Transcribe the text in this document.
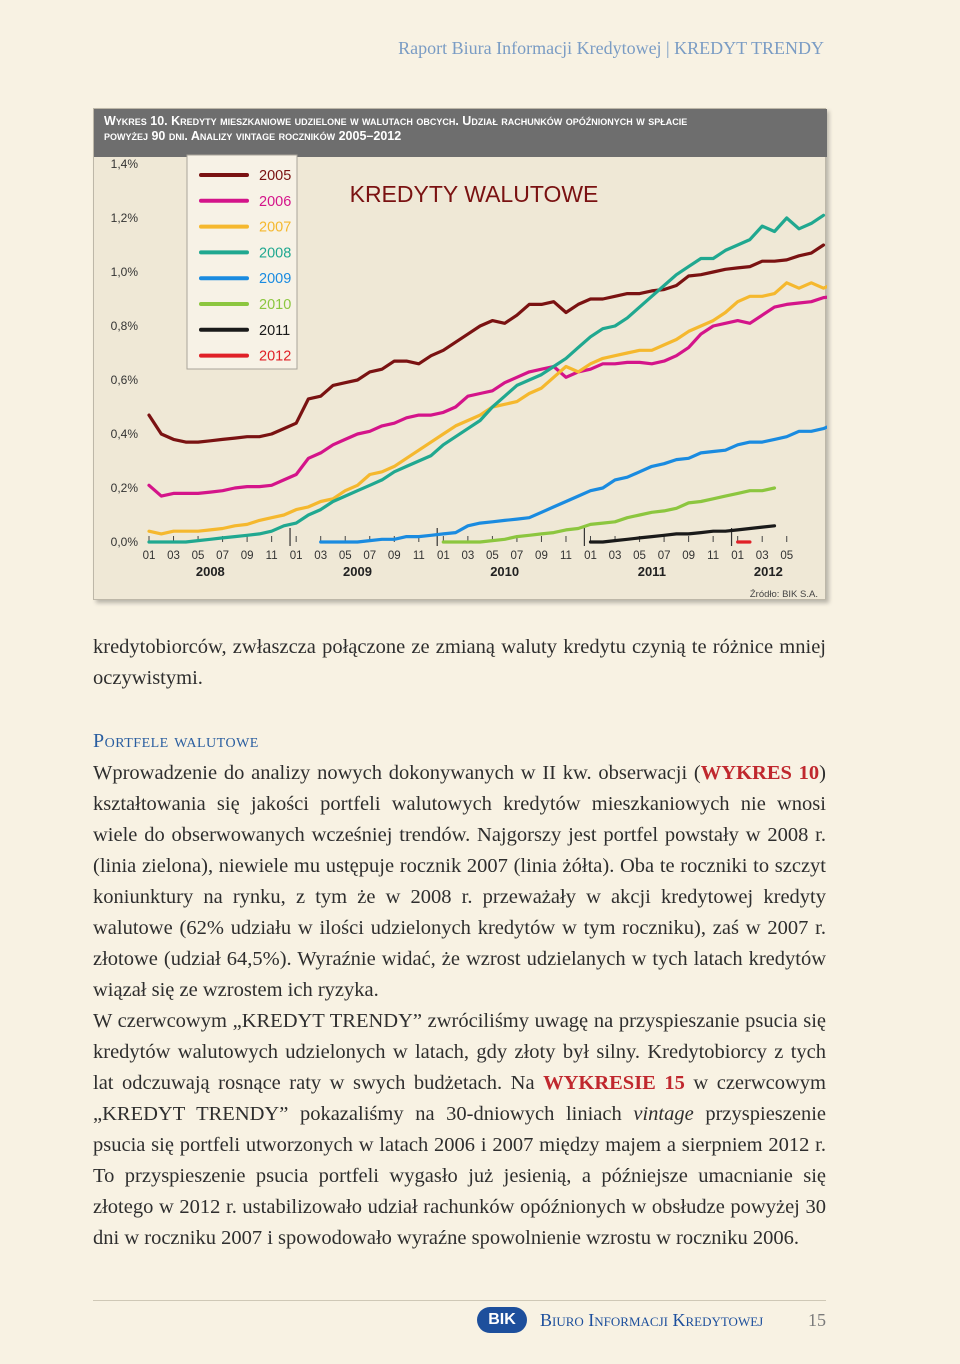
Raport Biura Informacji Kredytowej | KREDYT TRENDY
Wykres 10. Kredyty mieszkaniowe udzielone w walutach obcych. Udział rachunków opóźnionych w spłacie
powyżej 90 dni. Analizy vintage roczników 2005–2012
0,0%
0,2%
0,4%
0,6%
0,8%
1,0%
1,2%
1,4%
01 03 05 07 09 11 01 03 05 07 09 11 01 03 05 07 09 11 01 03 05 07 09 11 01 03 05
2008	2009	2010	2011	2012
2005
2006
2007
2008
2009
2010
2011
2012
KREDYTY WALUTOWE
Źródło: BIK S.A.

kredytobiorców, zwłaszcza połączone ze zmianą waluty kredytu czynią te różnice mniej oczywistymi.

Portfele walutowe

Wprowadzenie do analizy nowych dokonywanych w II kw. obserwacji (WYKRES 10) kształtowania się jakości portfeli walutowych kredytów mieszkaniowych nie wnosi wiele do obserwowanych wcześniej trendów. Najgorszy jest portfel powstały w 2008 r. (linia zielona), niewiele mu ustępuje rocznik 2007 (linia żółta). Oba te roczniki to szczyt koniunktury na rynku, z tym że w 2008 r. przeważały w akcji kredytowej kredyty walutowe (62% udziału w ilości udzielonych kredytów w tym roczniku), zaś w 2007 r. złotowe (udział 64,5%). Wyraźnie widać, że wzrost udzielanych w tych latach kredytów wiązał się ze wzrostem ich ryzyka.
W czerwcowym „KREDYT TRENDY” zwróciliśmy uwagę na przyspieszanie psucia się kredytów walutowych udzielonych w latach, gdy złoty był silny. Kredytobiorcy z tych lat odczuwają rosnące raty w swych budżetach. Na WYKRESIE 15 w czerwcowym „KREDYT TRENDY” pokazaliśmy na 30-dniowych liniach vintage przyspieszenie psucia się portfeli utworzonych w latach 2006 i 2007 między majem a sierpniem 2012 r. To przyspieszenie psucia portfeli wygasło już jesienią, a późniejsze umacnianie się złotego w 2012 r. ustabilizowało udział rachunków opóźnionych w obsłudze powyżej 30 dni w roczniku 2007 i spowodowało wyraźne spowolnienie wzrostu w roczniku 2006.

BIK	Biuro Informacji Kredytowej 15
